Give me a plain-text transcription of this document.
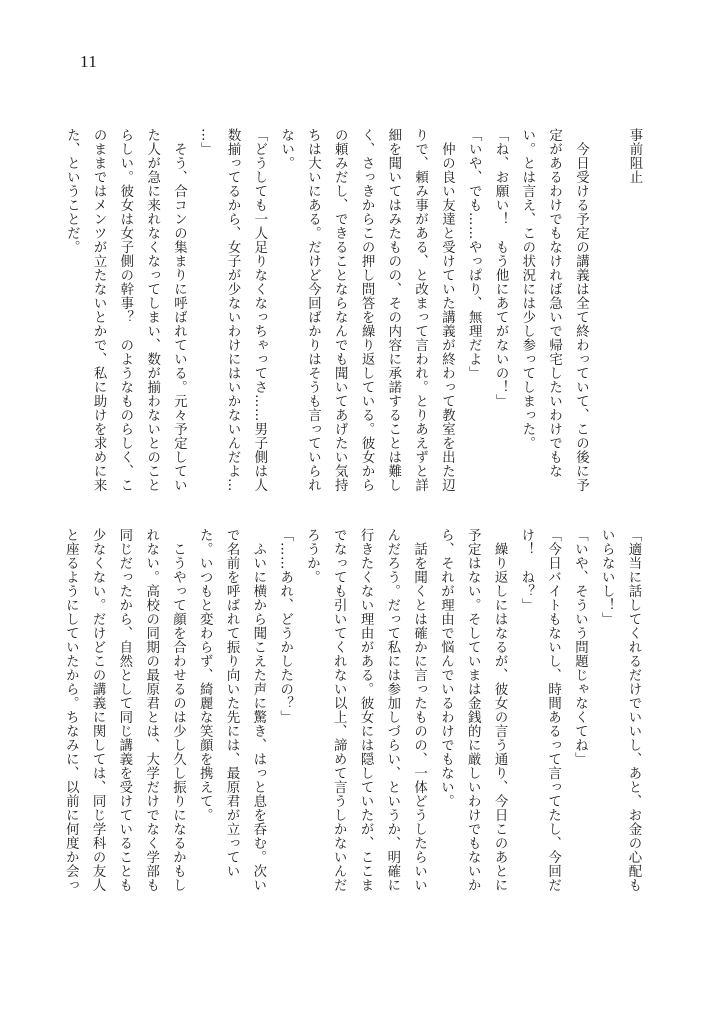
11
事前阻止

　今日受ける予定の講義は全て終わっていて、この後に予
定があるわけでもなければ急いで帰宅したいわけでもな
い。とは言え、この状況には少し参ってしまった。
「ね、お願い！　もう他にあてがないの！」
「いや、でも……やっぱり、無理だよ」
　仲の良い友達と受けていた講義が終わって教室を出た辺
りで、頼み事がある、と改まって言われ。とりあえずと詳
細を聞いてはみたものの、その内容に承諾することは難し
く、さっきからこの押し問答を繰り返している。彼女から
の頼みだし、できることならなんでも聞いてあげたい気持
ちは大いにある。だけど今回ばかりはそうも言っていられ
ない。
「どうしても一人足りなくなっちゃってさ……男子側は人
数揃ってるから、女子が少ないわけにはいかないんだよ…
…」
　そう、合コンの集まりに呼ばれている。元々予定してい
た人が急に来れなくなってしまい、数が揃わないとのこと
らしい。彼女は女子側の幹事？　のようなものらしく、こ
のままではメンツが立たないとかで、私に助けを求めに来
た、ということだ。
「適当に話してくれるだけでいいし、あと、お金の心配も
いらないし！」
「いや、そういう問題じゃなくてね」
「今日バイトもないし、時間あるって言ってたし、今回だ
け！　ね？」
　繰り返しにはなるが、彼女の言う通り、今日このあとに
予定はない。そしていまは金銭的に厳しいわけでもないか
ら、それが理由で悩んでいるわけでもない。
　話を聞くとは確かに言ったものの、一体どうしたらいい
んだろう。だって私には参加しづらい、というか、明確に
行きたくない理由がある。彼女には隠していたが、ここま
でなっても引いてくれない以上、諦めて言うしかないんだ
ろうか。
「……あれ、どうかしたの？」
　ふいに横から聞こえた声に驚き、はっと息を呑む。次い
で名前を呼ばれて振り向いた先には、最原君が立ってい
た。いつもと変わらず、綺麗な笑顔を携えて。
　こうやって顔を合わせるのは少し久し振りになるかもし
れない。高校の同期の最原君とは、大学だけでなく学部も
同じだったから、自然として同じ講義を受けていることも
少なくない。だけどこの講義に関しては、同じ学科の友人
と座るようにしていたから。ちなみに、以前に何度か会っ
